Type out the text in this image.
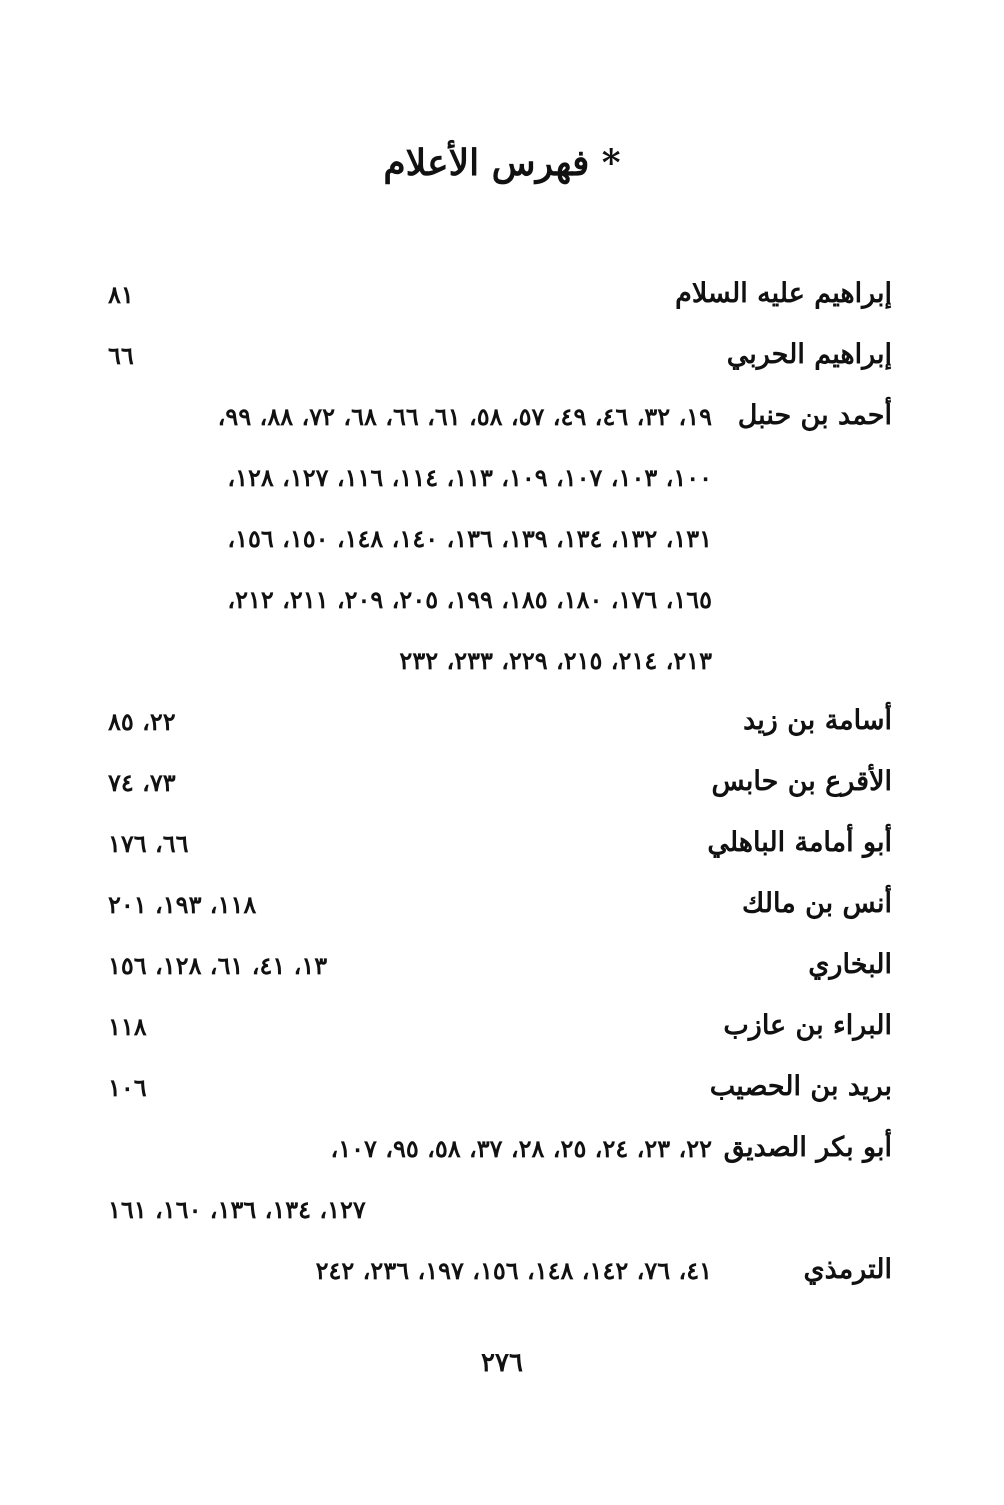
* فهرس الأعلام
إبراهيم عليه السلام
٨١
إبراهيم الحربي
٦٦
أحمد بن حنبل
١٩، ٣٢، ٤٦، ٤٩، ٥٧، ٥٨، ٦١، ٦٦، ٦٨، ٧٢، ٨٨، ٩٩،
١٠٠، ١٠٣، ١٠٧، ١٠٩، ١١٣، ١١٤، ١١٦، ١٢٧، ١٢٨،
١٣١، ١٣٢، ١٣٤، ١٣٩، ١٣٦، ١٤٠، ١٤٨، ١٥٠، ١٥٦،
١٦٥، ١٧٦، ١٨٠، ١٨٥، ١٩٩، ٢٠٥، ٢٠٩، ٢١١، ٢١٢،
٢١٣، ٢١٤، ٢١٥، ٢٢٩، ٢٣٣، ٢٣٢
أسامة بن زيد
٢٢، ٨٥
الأقرع بن حابس
٧٣، ٧٤
أبو أمامة الباهلي
٦٦، ١٧٦
أنس بن مالك
١١٨، ١٩٣، ٢٠١
البخاري
١٣، ٤١، ٦١، ١٢٨، ١٥٦
البراء بن عازب
١١٨
بريد بن الحصيب
١٠٦
أبو بكر الصديق
٢٢، ٢٣، ٢٤، ٢٥، ٢٨، ٣٧، ٥٨، ٩٥، ١٠٧،
١٢٧، ١٣٤، ١٣٦، ١٦٠، ١٦١
الترمذي
٤١، ٧٦، ١٤٢، ١٤٨، ١٥٦، ١٩٧، ٢٣٦، ٢٤٢
٢٧٦
